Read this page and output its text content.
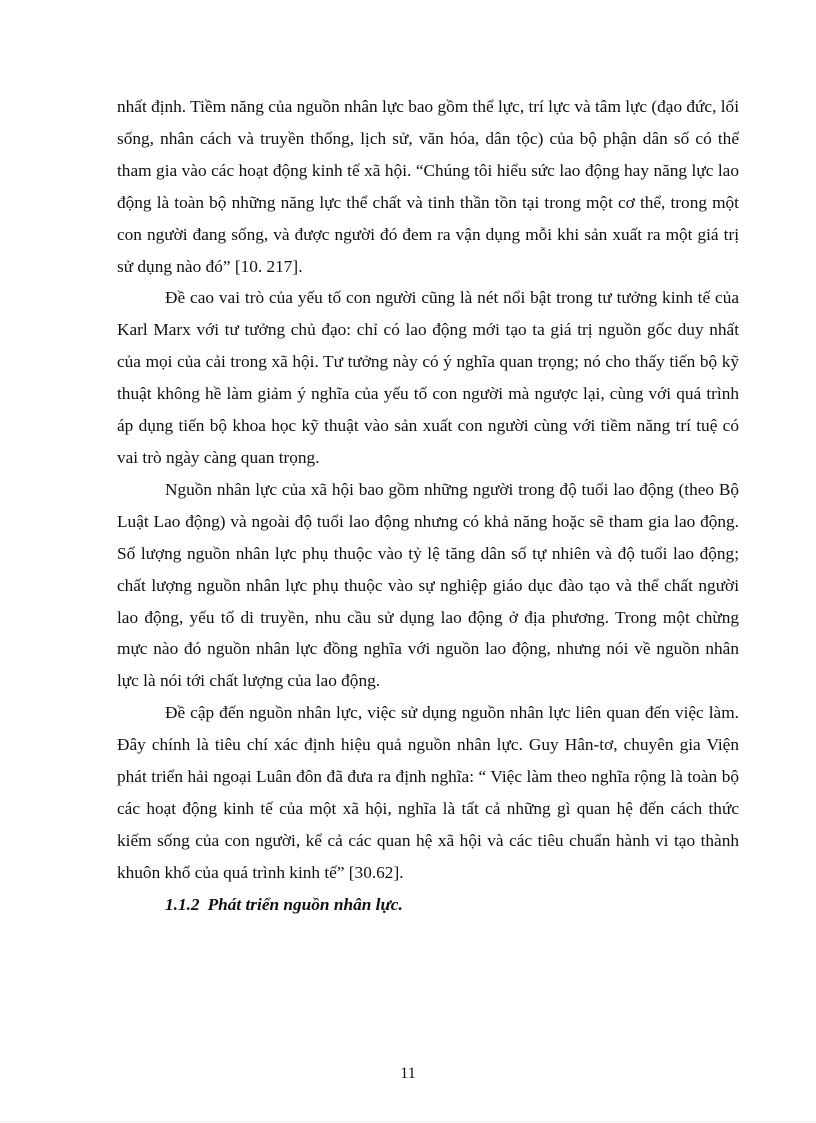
nhất định. Tiềm năng của nguồn nhân lực bao gồm thể lực, trí lực và tâm lực (đạo đức, lối sống, nhân cách và truyền thống, lịch sử, văn hóa, dân tộc) của bộ phận dân số có thể tham gia vào các hoạt động kinh tế xã hội. “Chúng tôi hiểu sức lao động hay năng lực lao động là toàn bộ những năng lực thể chất và tinh thần tồn tại trong một cơ thể, trong một con người đang sống, và được người đó đem ra vận dụng mỗi khi sản xuất ra một giá trị sử dụng nào đó” [10. 217].

Đề cao vai trò của yếu tố con người cũng là nét nổi bật trong tư tưởng kinh tế của Karl Marx với tư tưởng chủ đạo: chỉ có lao động mới tạo ta giá trị nguồn gốc duy nhất của mọi của cải trong xã hội. Tư tưởng này có ý nghĩa quan trọng; nó cho thấy tiến bộ kỹ thuật không hề làm giảm ý nghĩa của yếu tố con người mà ngược lại, cùng với quá trình áp dụng tiến bộ khoa học kỹ thuật vào sản xuất con người cùng với tiềm năng trí tuệ có vai trò ngày càng quan trọng.

Nguồn nhân lực của xã hội bao gồm những người trong độ tuổi lao động (theo Bộ Luật Lao động) và ngoài độ tuổi lao động nhưng có khả năng hoặc sẽ tham gia lao động. Số lượng nguồn nhân lực phụ thuộc vào tỷ lệ tăng dân số tự nhiên và độ tuổi lao động; chất lượng nguồn nhân lực phụ thuộc vào sự nghiệp giáo dục đào tạo và thể chất người lao động, yếu tố di truyền, nhu cầu sử dụng lao động ở địa phương. Trong một chừng mực nào đó nguồn nhân lực đồng nghĩa với nguồn lao động, nhưng nói về nguồn nhân lực là nói tới chất lượng của lao động.

Đề cập đến nguồn nhân lực, việc sử dụng nguồn nhân lực liên quan đến việc làm. Đây chính là tiêu chí xác định hiệu quả nguồn nhân lực. Guy Hân-tơ, chuyên gia Viện phát triển hải ngoại Luân đôn đã đưa ra định nghĩa: “ Việc làm theo nghĩa rộng là toàn bộ các hoạt động kinh tế của một xã hội, nghĩa là tất cả những gì quan hệ đến cách thức kiếm sống của con người, kể cả các quan hệ xã hội và các tiêu chuẩn hành vi tạo thành khuôn khổ của quá trình kinh tế” [30.62].

1.1.2 Phát triển nguồn nhân lực.
11
